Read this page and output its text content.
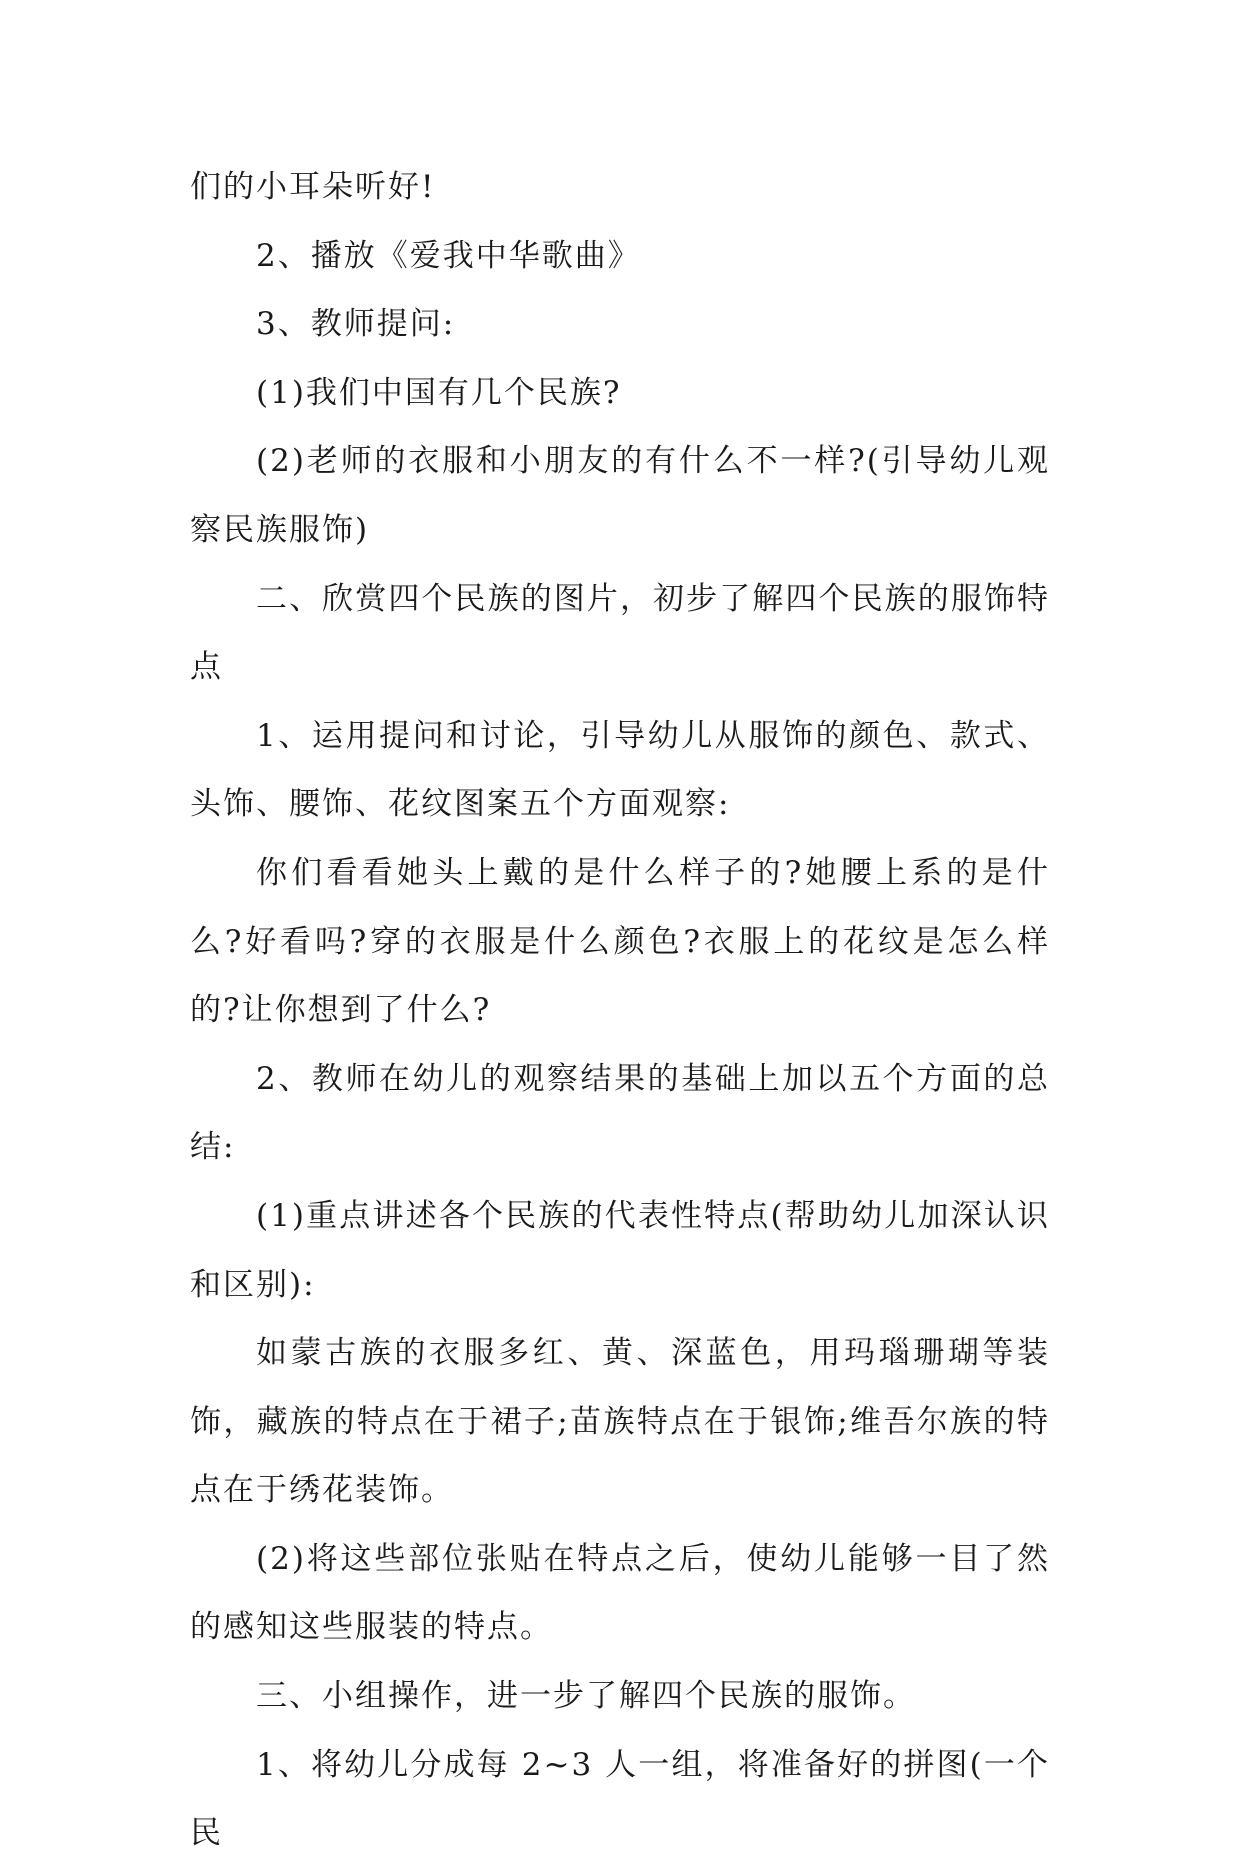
们的小耳朵听好!

2、播放《爱我中华歌曲》

3、教师提问:

(1)我们中国有几个民族?

(2)老师的衣服和小朋友的有什么不一样?(引导幼儿观察民族服饰)

二、欣赏四个民族的图片，初步了解四个民族的服饰特点

1、运用提问和讨论，引导幼儿从服饰的颜色、款式、头饰、腰饰、花纹图案五个方面观察:

你们看看她头上戴的是什么样子的?她腰上系的是什么?好看吗?穿的衣服是什么颜色?衣服上的花纹是怎么样的?让你想到了什么?

2、教师在幼儿的观察结果的基础上加以五个方面的总结:

(1)重点讲述各个民族的代表性特点(帮助幼儿加深认识和区别):

如蒙古族的衣服多红、黄、深蓝色，用玛瑙珊瑚等装饰，藏族的特点在于裙子;苗族特点在于银饰;维吾尔族的特点在于绣花装饰。

(2)将这些部位张贴在特点之后，使幼儿能够一目了然的感知这些服装的特点。

三、小组操作，进一步了解四个民族的服饰。

1、将幼儿分成每 2~3 人一组，将准备好的拼图(一个民
